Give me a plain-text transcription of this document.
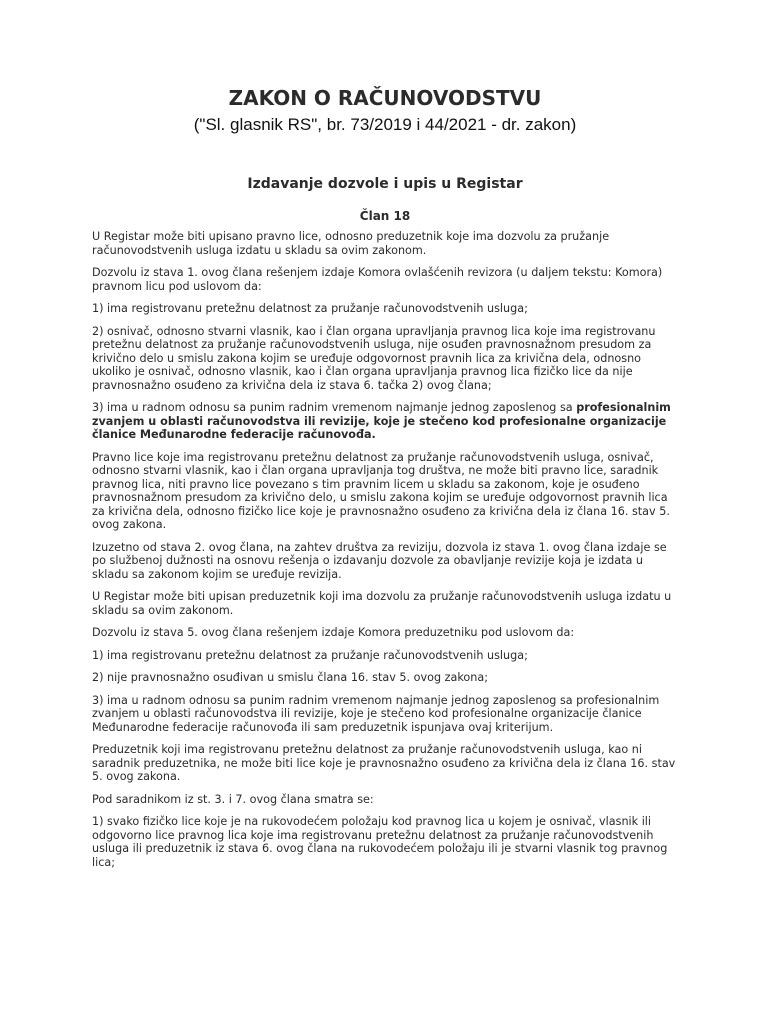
ZAKON O RAČUNOVODSTVU
("Sl. glasnik RS", br. 73/2019 i 44/2021 - dr. zakon)
Izdavanje dozvole i upis u Registar
Član 18

U Registar može biti upisano pravno lice, odnosno preduzetnik koje ima dozvolu za pružanje računovodstvenih usluga izdatu u skladu sa ovim zakonom.

Dozvolu iz stava 1. ovog člana rešenjem izdaje Komora ovlašćenih revizora (u daljem tekstu: Komora) pravnom licu pod uslovom da:

1) ima registrovanu pretežnu delatnost za pružanje računovodstvenih usluga;

2) osnivač, odnosno stvarni vlasnik, kao i član organa upravljanja pravnog lica koje ima registrovanu pretežnu delatnost za pružanje računovodstvenih usluga, nije osuđen pravnosnažnom presudom za krivično delo u smislu zakona kojim se uređuje odgovornost pravnih lica za krivična dela, odnosno ukoliko je osnivač, odnosno vlasnik, kao i član organa upravljanja pravnog lica fizičko lice da nije pravnosnažno osuđeno za krivična dela iz stava 6. tačka 2) ovog člana;

3) ima u radnom odnosu sa punim radnim vremenom najmanje jednog zaposlenog sa profesionalnim zvanjem u oblasti računovodstva ili revizije, koje je stečeno kod profesionalne organizacije članice Međunarodne federacije računovođa.

Pravno lice koje ima registrovanu pretežnu delatnost za pružanje računovodstvenih usluga, osnivač, odnosno stvarni vlasnik, kao i član organa upravljanja tog društva, ne može biti pravno lice, saradnik pravnog lica, niti pravno lice povezano s tim pravnim licem u skladu sa zakonom, koje je osuđeno pravnosnažnom presudom za krivično delo, u smislu zakona kojim se uređuje odgovornost pravnih lica za krivična dela, odnosno fizičko lice koje je pravnosnažno osuđeno za krivična dela iz člana 16. stav 5. ovog zakona.

Izuzetno od stava 2. ovog člana, na zahtev društva za reviziju, dozvola iz stava 1. ovog člana izdaje se po službenoj dužnosti na osnovu rešenja o izdavanju dozvole za obavljanje revizije koja je izdata u skladu sa zakonom kojim se uređuje revizija.

U Registar može biti upisan preduzetnik koji ima dozvolu za pružanje računovodstvenih usluga izdatu u skladu sa ovim zakonom.

Dozvolu iz stava 5. ovog člana rešenjem izdaje Komora preduzetniku pod uslovom da:

1) ima registrovanu pretežnu delatnost za pružanje računovodstvenih usluga;

2) nije pravnosnažno osuđivan u smislu člana 16. stav 5. ovog zakona;

3) ima u radnom odnosu sa punim radnim vremenom najmanje jednog zaposlenog sa profesionalnim zvanjem u oblasti računovodstva ili revizije, koje je stečeno kod profesionalne organizacije članice Međunarodne federacije računovođa ili sam preduzetnik ispunjava ovaj kriterijum.

Preduzetnik koji ima registrovanu pretežnu delatnost za pružanje računovodstvenih usluga, kao ni saradnik preduzetnika, ne može biti lice koje je pravnosnažno osuđeno za krivična dela iz člana 16. stav 5. ovog zakona.

Pod saradnikom iz st. 3. i 7. ovog člana smatra se:

1) svako fizičko lice koje je na rukovodećem položaju kod pravnog lica u kojem je osnivač, vlasnik ili odgovorno lice pravnog lica koje ima registrovanu pretežnu delatnost za pružanje računovodstvenih usluga ili preduzetnik iz stava 6. ovog člana na rukovodećem položaju ili je stvarni vlasnik tog pravnog lica;
